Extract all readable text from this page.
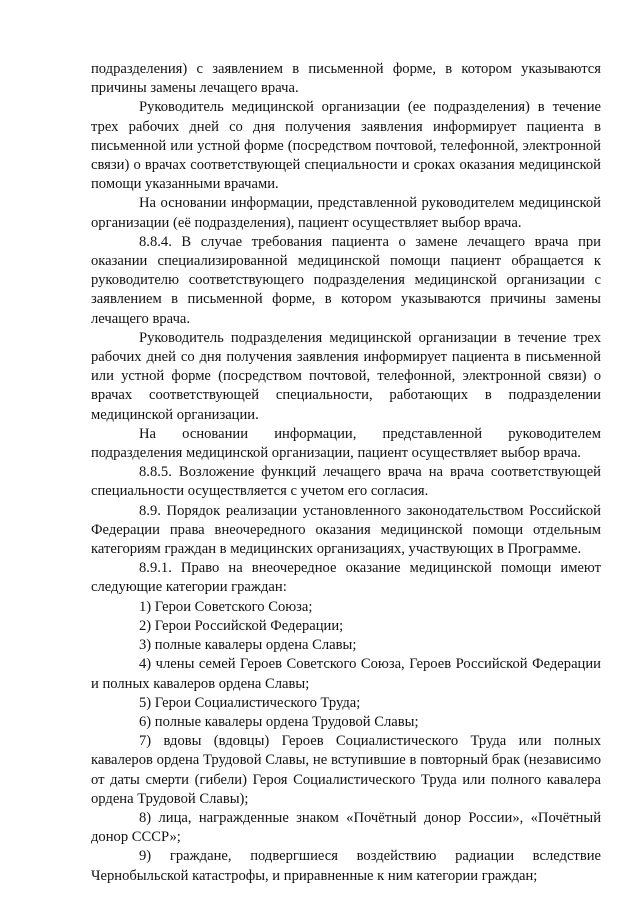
подразделения) с заявлением в письменной форме, в котором указываются причины замены лечащего врача.

Руководитель медицинской организации (ее подразделения) в течение трех рабочих дней со дня получения заявления информирует пациента в письменной или устной форме (посредством почтовой, телефонной, электронной связи) о врачах соответствующей специальности и сроках оказания медицинской помощи указанными врачами.

На основании информации, представленной руководителем медицинской организации (её подразделения), пациент осуществляет выбор врача.

8.8.4. В случае требования пациента о замене лечащего врача при оказании специализированной медицинской помощи пациент обращается к руководителю соответствующего подразделения медицинской организации с заявлением в письменной форме, в котором указываются причины замены лечащего врача.

Руководитель подразделения медицинской организации в течение трех рабочих дней со дня получения заявления информирует пациента в письменной или устной форме (посредством почтовой, телефонной, электронной связи) о врачах соответствующей специальности, работающих в подразделении медицинской организации.

На основании информации, представленной руководителем подразделения медицинской организации, пациент осуществляет выбор врача.

8.8.5. Возложение функций лечащего врача на врача соответствующей специальности осуществляется с учетом его согласия.

8.9. Порядок реализации установленного законодательством Российской Федерации права внеочередного оказания медицинской помощи отдельным категориям граждан в медицинских организациях, участвующих в Программе.

8.9.1. Право на внеочередное оказание медицинской помощи имеют следующие категории граждан:

1) Герои Советского Союза;

2) Герои Российской Федерации;

3) полные кавалеры ордена Славы;

4) члены семей Героев Советского Союза, Героев Российской Федерации и полных кавалеров ордена Славы;

5) Герои Социалистического Труда;

6) полные кавалеры ордена Трудовой Славы;

7) вдовы (вдовцы) Героев Социалистического Труда или полных кавалеров ордена Трудовой Славы, не вступившие в повторный брак (независимо от даты смерти (гибели) Героя Социалистического Труда или полного кавалера ордена Трудовой Славы);

8) лица, награжденные знаком «Почётный донор России», «Почётный донор СССР»;

9) граждане, подвергшиеся воздействию радиации вследствие Чернобыльской катастрофы, и приравненные к ним категории граждан;
